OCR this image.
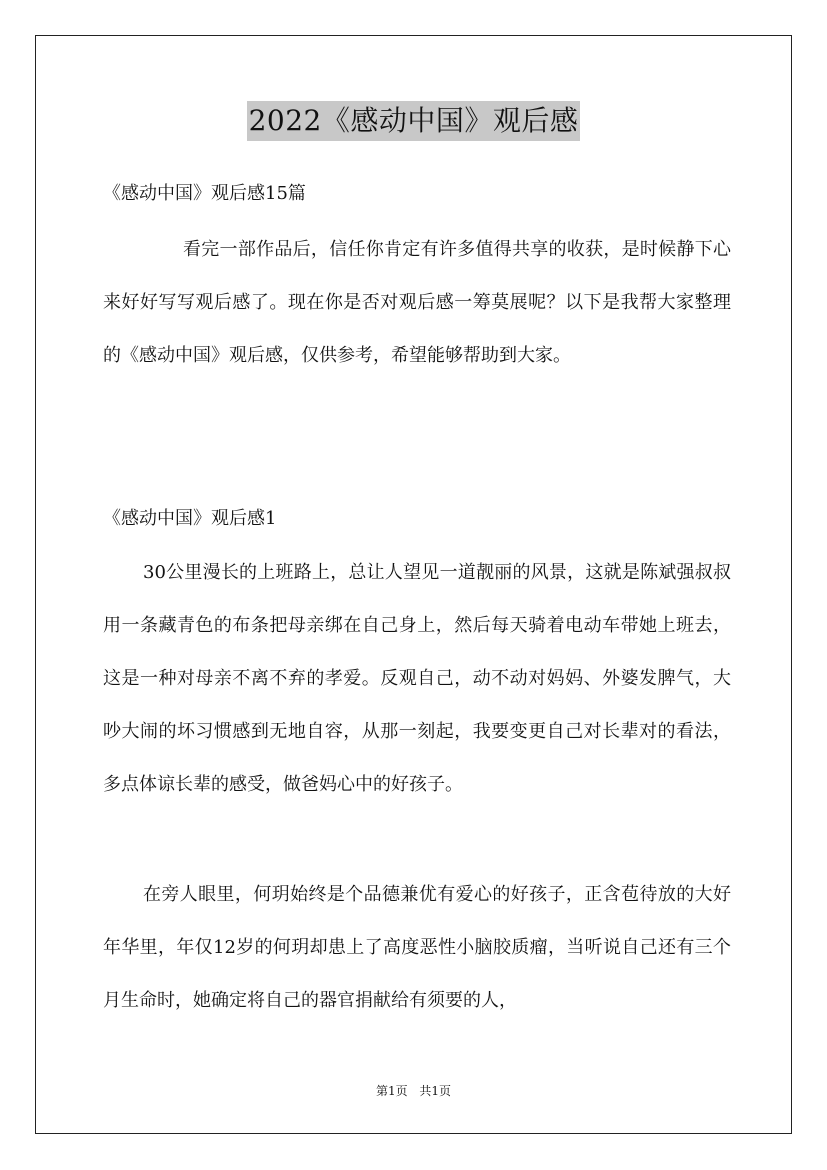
2022《感动中国》观后感
《感动中国》观后感15篇

看完一部作品后，信任你肯定有许多值得共享的收获，是时候静下心来好好写写观后感了。现在你是否对观后感一筹莫展呢？以下是我帮大家整理的《感动中国》观后感，仅供参考，希望能够帮助到大家。

《感动中国》观后感1

30公里漫长的上班路上，总让人望见一道靓丽的风景，这就是陈斌强叔叔用一条藏青色的布条把母亲绑在自己身上，然后每天骑着电动车带她上班去，这是一种对母亲不离不弃的孝爱。反观自己，动不动对妈妈、外婆发脾气，大吵大闹的坏习惯感到无地自容，从那一刻起，我要变更自己对长辈对的看法，多点体谅长辈的感受，做爸妈心中的好孩子。

在旁人眼里，何玥始终是个品德兼优有爱心的好孩子，正含苞待放的大好年华里，年仅12岁的何玥却患上了高度恶性小脑胶质瘤，当听说自己还有三个月生命时，她确定将自己的器官捐献给有须要的人，

第1页 共1页
